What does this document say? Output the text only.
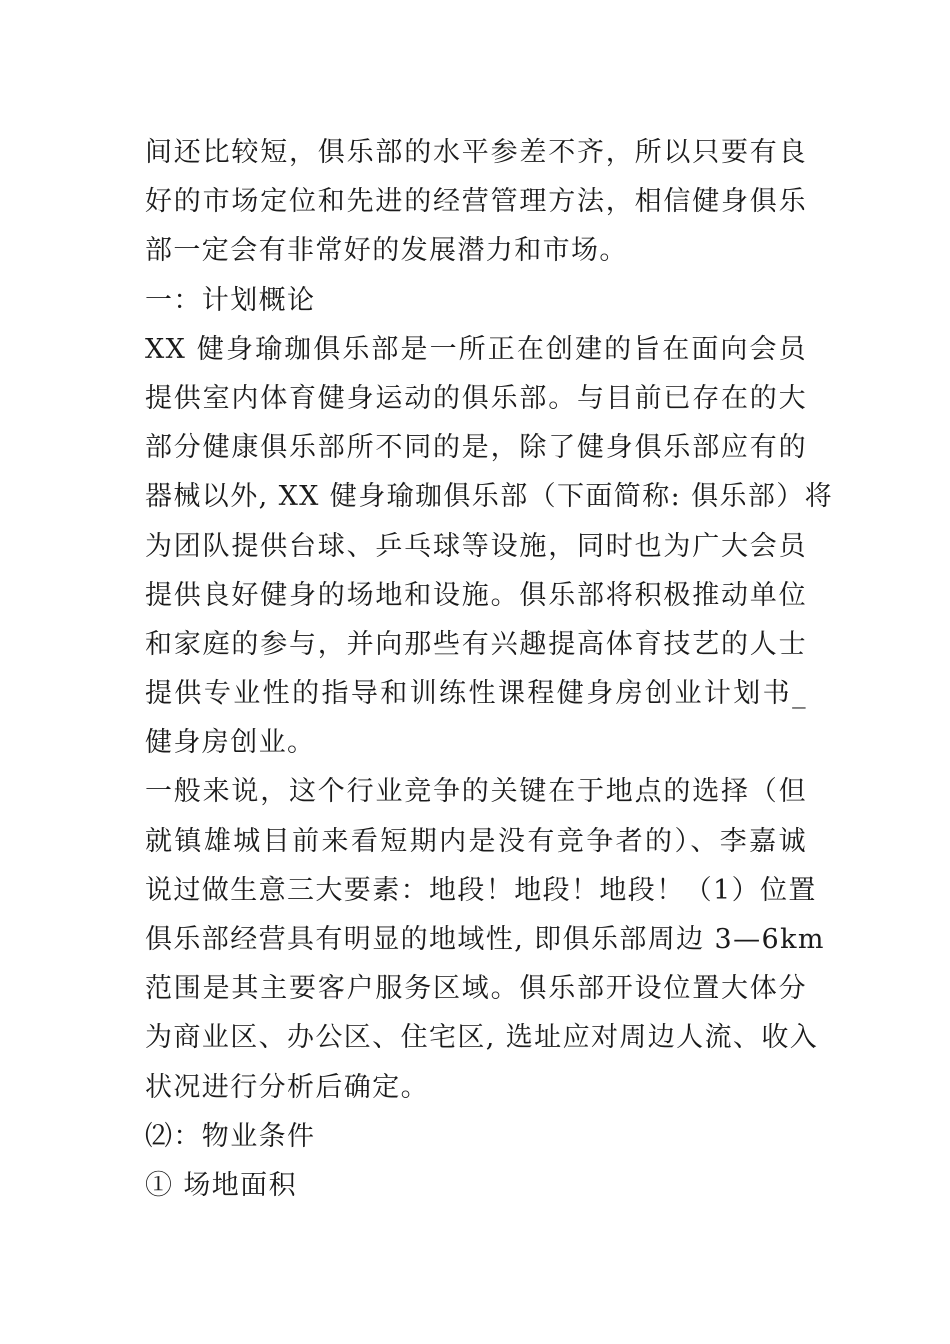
间还比较短，俱乐部的水平参差不齐，所以只要有良
好的市场定位和先进的经营管理方法，相信健身俱乐
部一定会有非常好的发展潜力和市场。
一：计划概论
XX 健身瑜珈俱乐部是一所正在创建的旨在面向会员
提供室内体育健身运动的俱乐部。与目前已存在的大
部分健康俱乐部所不同的是，除了健身俱乐部应有的
器械以外, XX 健身瑜珈俱乐部（下面简称: 俱乐部）将
为团队提供台球、乒乓球等设施，同时也为广大会员
提供良好健身的场地和设施。俱乐部将积极推动单位
和家庭的参与，并向那些有兴趣提高体育技艺的人士
提供专业性的指导和训练性课程健身房创业计划书_
健身房创业。
一般来说，这个行业竞争的关键在于地点的选择（但
就镇雄城目前来看短期内是没有竞争者的）、李嘉诚
说过做生意三大要素：地段！地段！地段！（1）位置
俱乐部经营具有明显的地域性, 即俱乐部周边 3—6km
范围是其主要客户服务区域。俱乐部开设位置大体分
为商业区、办公区、住宅区, 选址应对周边人流、收入
状况进行分析后确定。
⑵：物业条件
① 场地面积
